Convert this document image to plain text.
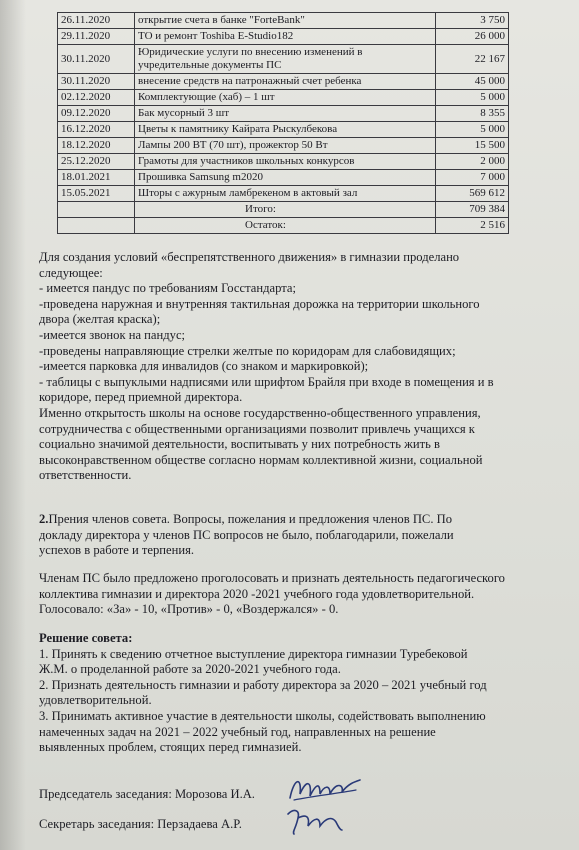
26.11.2020	открытие счета в банке "ForteBank"	3 750
29.11.2020	ТО и ремонт Toshiba E-Studio182	26 000
30.11.2020	Юридические услуги по внесению изменений в учредительные документы ПС	22 167
30.11.2020	внесение средств на патронажный счет ребенка	45 000
02.12.2020	Комплектующие (хаб) – 1 шт	5 000
09.12.2020	Бак мусорный 3 шт	8 355
16.12.2020	Цветы к памятнику Кайрата Рыскулбекова	5 000
18.12.2020	Лампы 200 ВТ (70 шт), прожектор 50 Вт	15 500
25.12.2020	Грамоты для участников школьных конкурсов	2 000
18.01.2021	Прошивка Samsung m2020	7 000
15.05.2021	Шторы с ажурным ламбрекеном в актовый зал	569 612
	Итого:	709 384
	Остаток:	2 516

Для создания условий «беспрепятственного движения» в гимназии проделано

следующее:

- имеется пандус по требованиям Госстандарта;

-проведена наружная и внутренняя тактильная дорожка на территории школьного

двора (желтая краска);

-имеется звонок на пандус;

-проведены направляющие стрелки желтые по коридорам для слабовидящих;

-имеется парковка для инвалидов (со знаком и маркировкой);

- таблицы с выпуклыми надписями или шрифтом Брайля при входе в помещения и в

коридоре, перед приемной директора.

Именно открытость школы на основе государственно-общественного управления,

сотрудничества с общественными организациями позволит привлечь учащихся к

социально значимой деятельности, воспитывать у них потребность жить в

высоконравственном обществе согласно нормам коллективной жизни, социальной

ответственности.

2.Прения членов совета. Вопросы, пожелания и предложения членов ПС. По

докладу директора у членов ПС вопросов не было, поблагодарили, пожелали

успехов в работе и терпения.

Членам ПС было предложено проголосовать и признать деятельность педагогического

коллектива гимназии и директора 2020 -2021 учебного года удовлетворительной.

Голосовало: «За» - 10, «Против» - 0, «Воздержался» - 0.

Решение совета:

1. Принять к сведению отчетное выступление директора гимназии Туребековой

Ж.М. о проделанной работе за 2020-2021 учебного года.

2. Признать деятельность гимназии и работу директора за 2020 – 2021 учебный год

удовлетворительной.

3. Принимать активное участие в деятельности школы, содействовать выполнению

намеченных задач на 2021 – 2022 учебный год, направленных на решение

выявленных проблем, стоящих перед гимназией.

Председатель заседания: Морозова И.А.
Секретарь заседания: Перзадаева А.Р.
